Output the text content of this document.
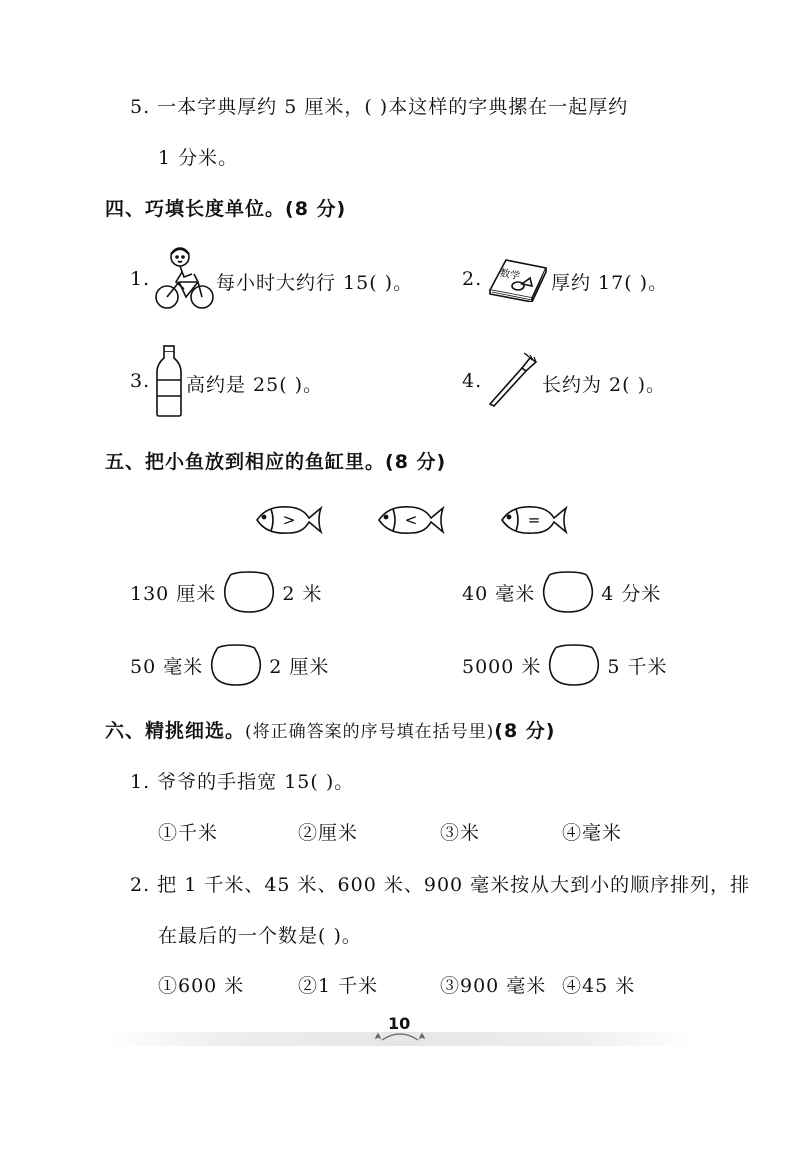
5. 一本字典厚约 5 厘米，( )本这样的字典摞在一起厚约
1 分米。
四、巧填长度单位。(8 分)
1.	每小时大约行 15( )。	2. 数学 厚约 17( )。
3. 高约是 25( )。	4.	长约为 2( )。
五、把小鱼放到相应的鱼缸里。(8 分)
>	<	=
130 厘米	2 米	40 毫米	4 分米
50 毫米	2 厘米	5000 米	5 千米
六、精挑细选。(将正确答案的序号填在括号里)(8 分)
1. 爷爷的手指宽 15( )。
①千米	②厘米	③米	④毫米
2. 把 1 千米、45 米、600 米、900 毫米按从大到小的顺序排列，排
在最后的一个数是( )。
①600 米	②1 千米	③900 毫米 ④45 米
10
